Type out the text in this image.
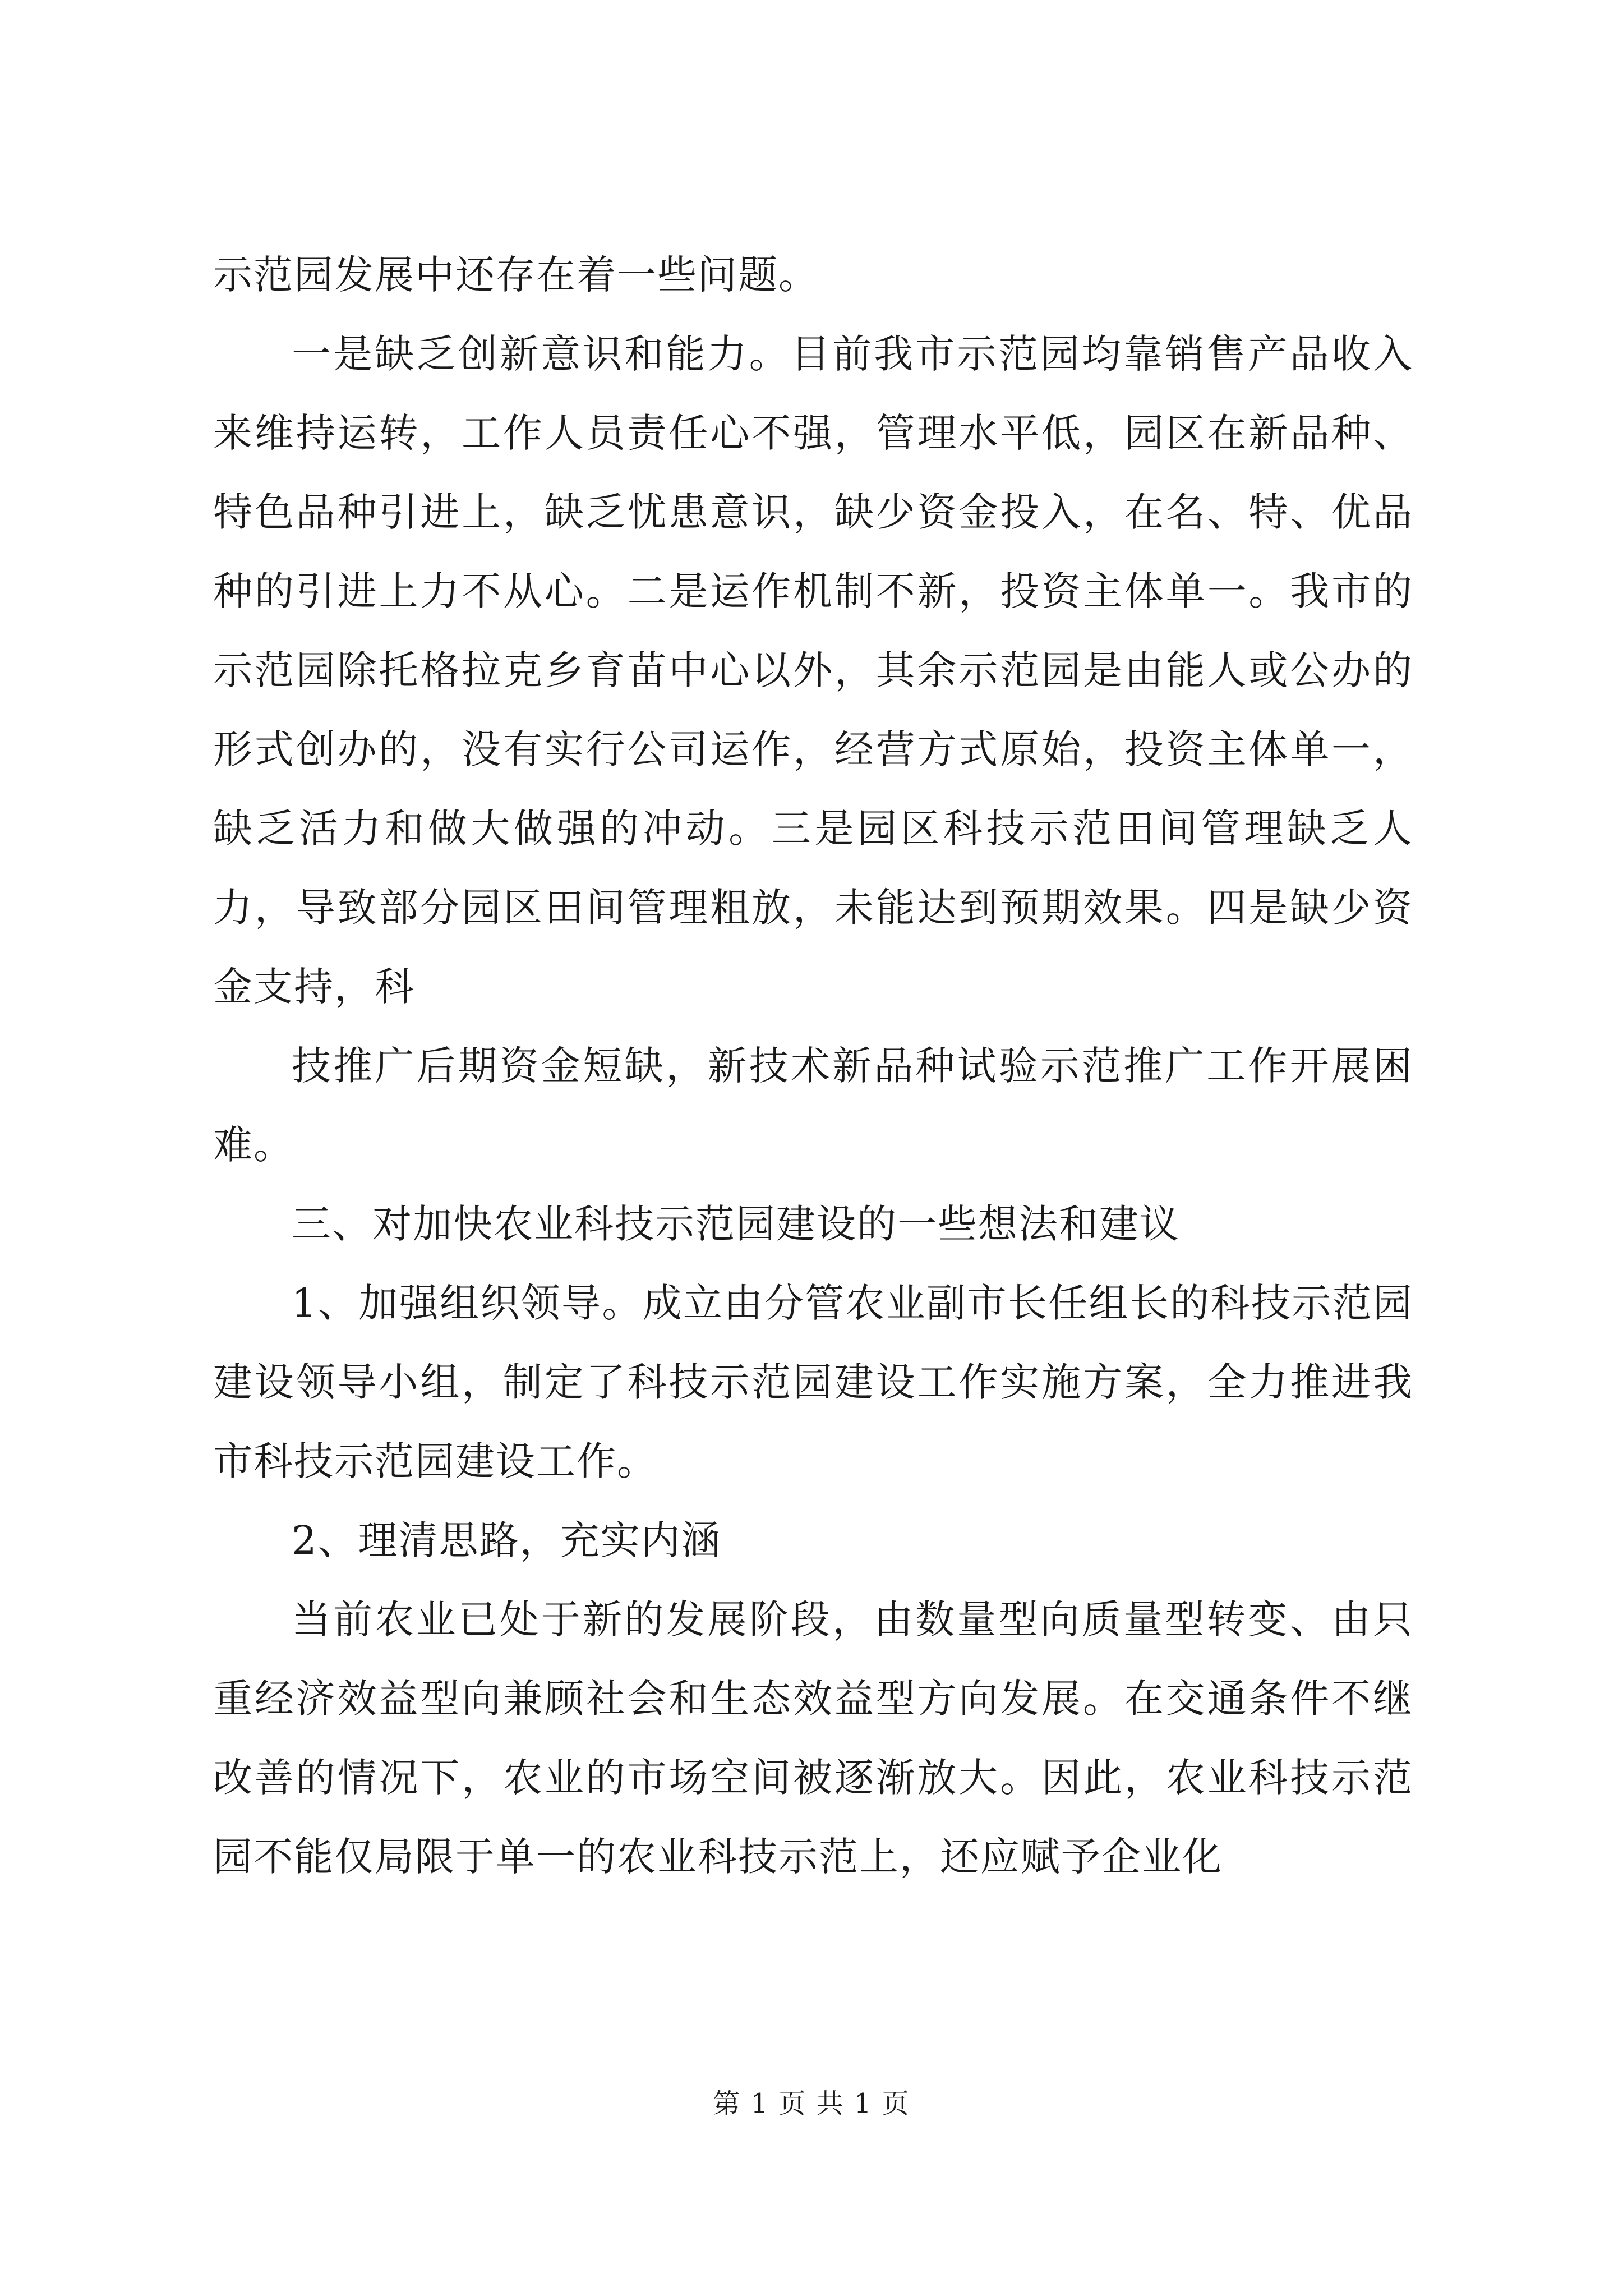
示范园发展中还存在着一些问题。

一是缺乏创新意识和能力。目前我市示范园均靠销售产品收入来维持运转，工作人员责任心不强，管理水平低，园区在新品种、特色品种引进上，缺乏忧患意识，缺少资金投入，在名、特、优品种的引进上力不从心。二是运作机制不新，投资主体单一。我市的示范园除托格拉克乡育苗中心以外，其余示范园是由能人或公办的形式创办的，没有实行公司运作，经营方式原始，投资主体单一，缺乏活力和做大做强的冲动。三是园区科技示范田间管理缺乏人力，导致部分园区田间管理粗放，未能达到预期效果。四是缺少资金支持，科

技推广后期资金短缺，新技术新品种试验示范推广工作开展困难。

三、对加快农业科技示范园建设的一些想法和建议

1、加强组织领导。成立由分管农业副市长任组长的科技示范园建设领导小组，制定了科技示范园建设工作实施方案，全力推进我市科技示范园建设工作。

2、理清思路，充实内涵

当前农业已处于新的发展阶段，由数量型向质量型转变、由只重经济效益型向兼顾社会和生态效益型方向发展。在交通条件不继改善的情况下，农业的市场空间被逐渐放大。因此，农业科技示范园不能仅局限于单一的农业科技示范上，还应赋予企业化

第 1 页 共 1 页
